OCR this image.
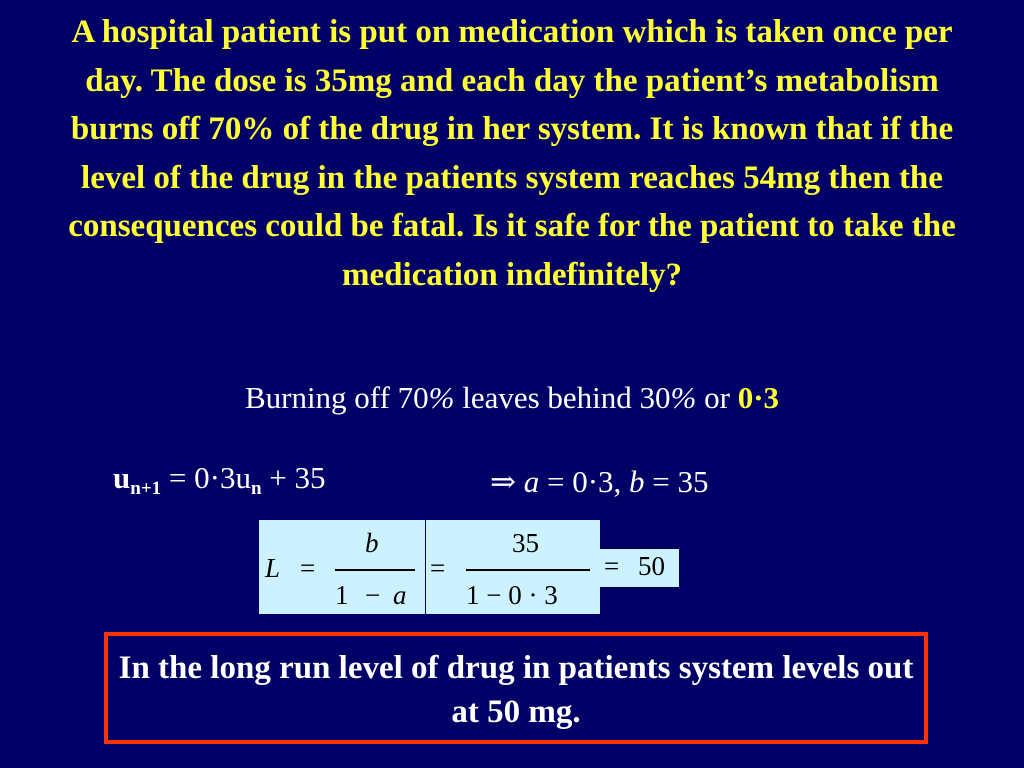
A hospital patient is put on medication which is taken once per day. The dose is 35mg and each day the patient’s metabolism burns off 70% of the drug in her system. It is known that if the level of the drug in the patients system reaches 54mg then the consequences could be fatal. Is it safe for the patient to take the medication indefinitely?
Burning off 70% leaves behind 30% or 0·3
$u_{n+1} = 0\cdot 3u_n + 35$	⇒ a = 0·3, b = 35
L =
b
1 − a
=
35
1 − 0 · 3
= 50
In the long run level of drug in patients system levels out at 50 mg.
